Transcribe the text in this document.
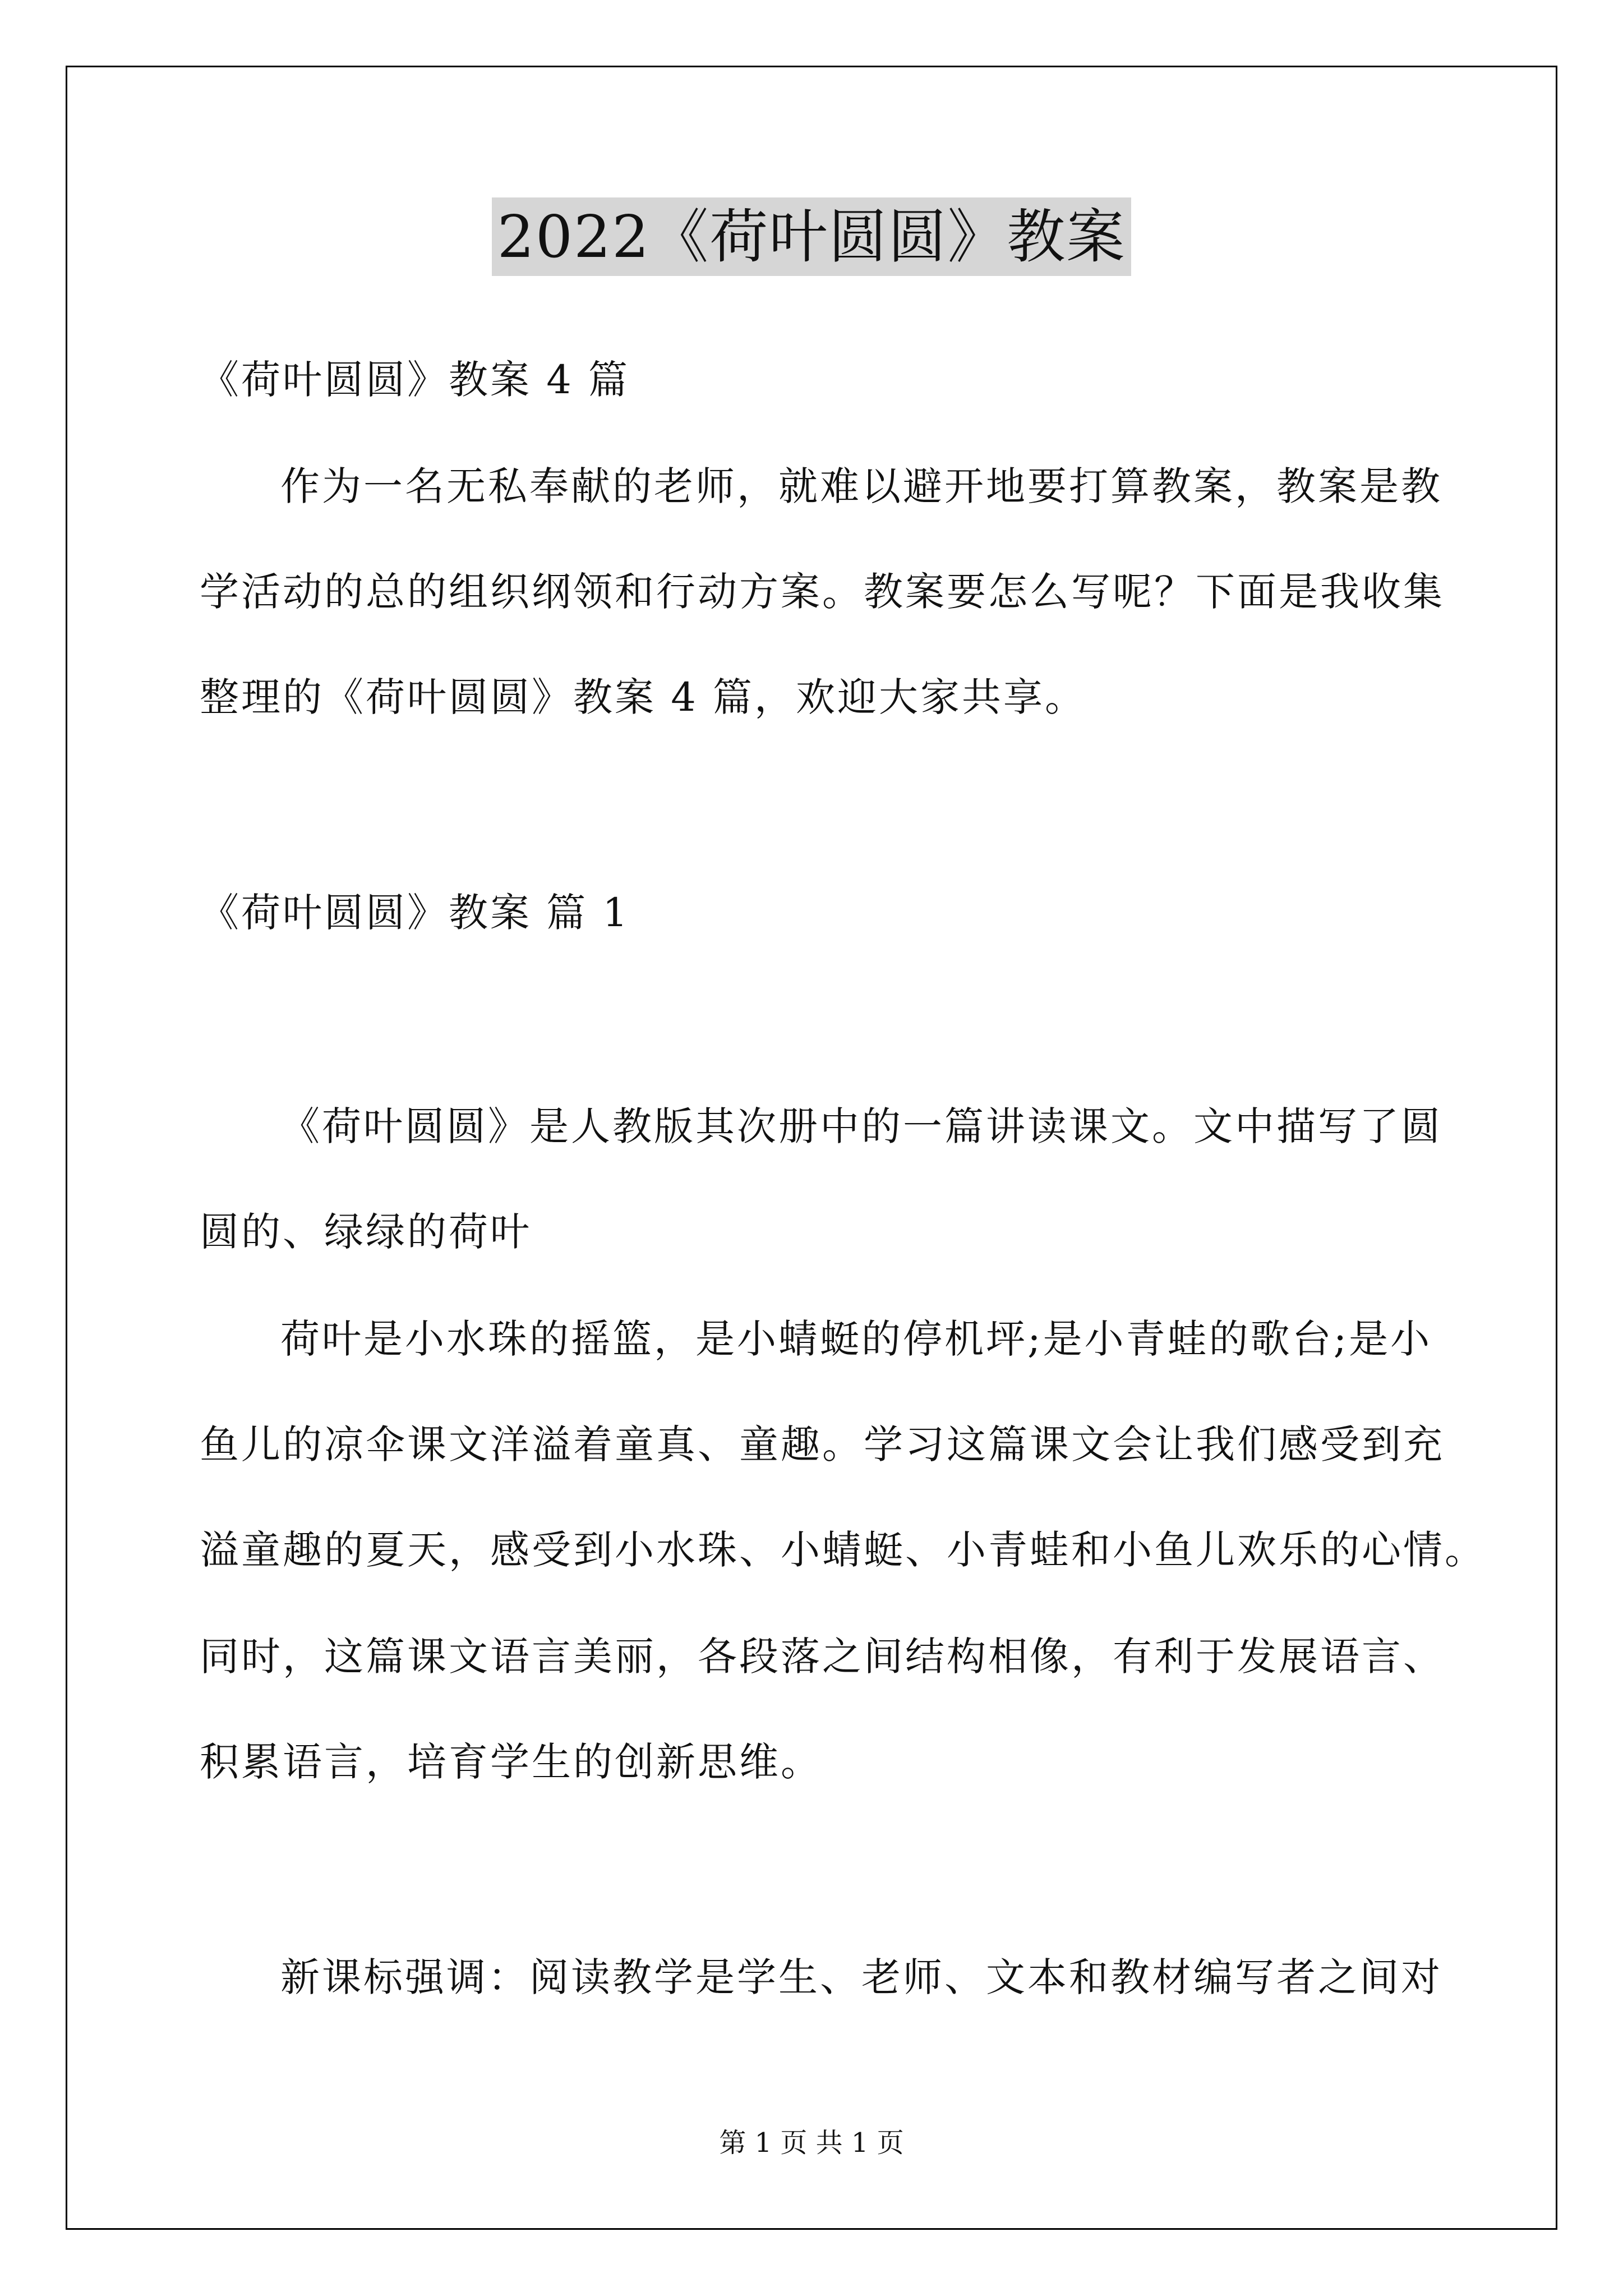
2022《荷叶圆圆》教案
《荷叶圆圆》教案 4 篇
作为一名无私奉献的老师，就难以避开地要打算教案，教案是教
学活动的总的组织纲领和行动方案。教案要怎么写呢？下面是我收集
整理的《荷叶圆圆》教案 4 篇，欢迎大家共享。
《荷叶圆圆》教案 篇 1
《荷叶圆圆》是人教版其次册中的一篇讲读课文。文中描写了圆
圆的、绿绿的荷叶
荷叶是小水珠的摇篮，是小蜻蜓的停机坪;是小青蛙的歌台;是小
鱼儿的凉伞课文洋溢着童真、童趣。学习这篇课文会让我们感受到充
溢童趣的夏天，感受到小水珠、小蜻蜓、小青蛙和小鱼儿欢乐的心情。
同时，这篇课文语言美丽，各段落之间结构相像，有利于发展语言、
积累语言，培育学生的创新思维。
新课标强调：阅读教学是学生、老师、文本和教材编写者之间对
第 1 页 共 1 页
